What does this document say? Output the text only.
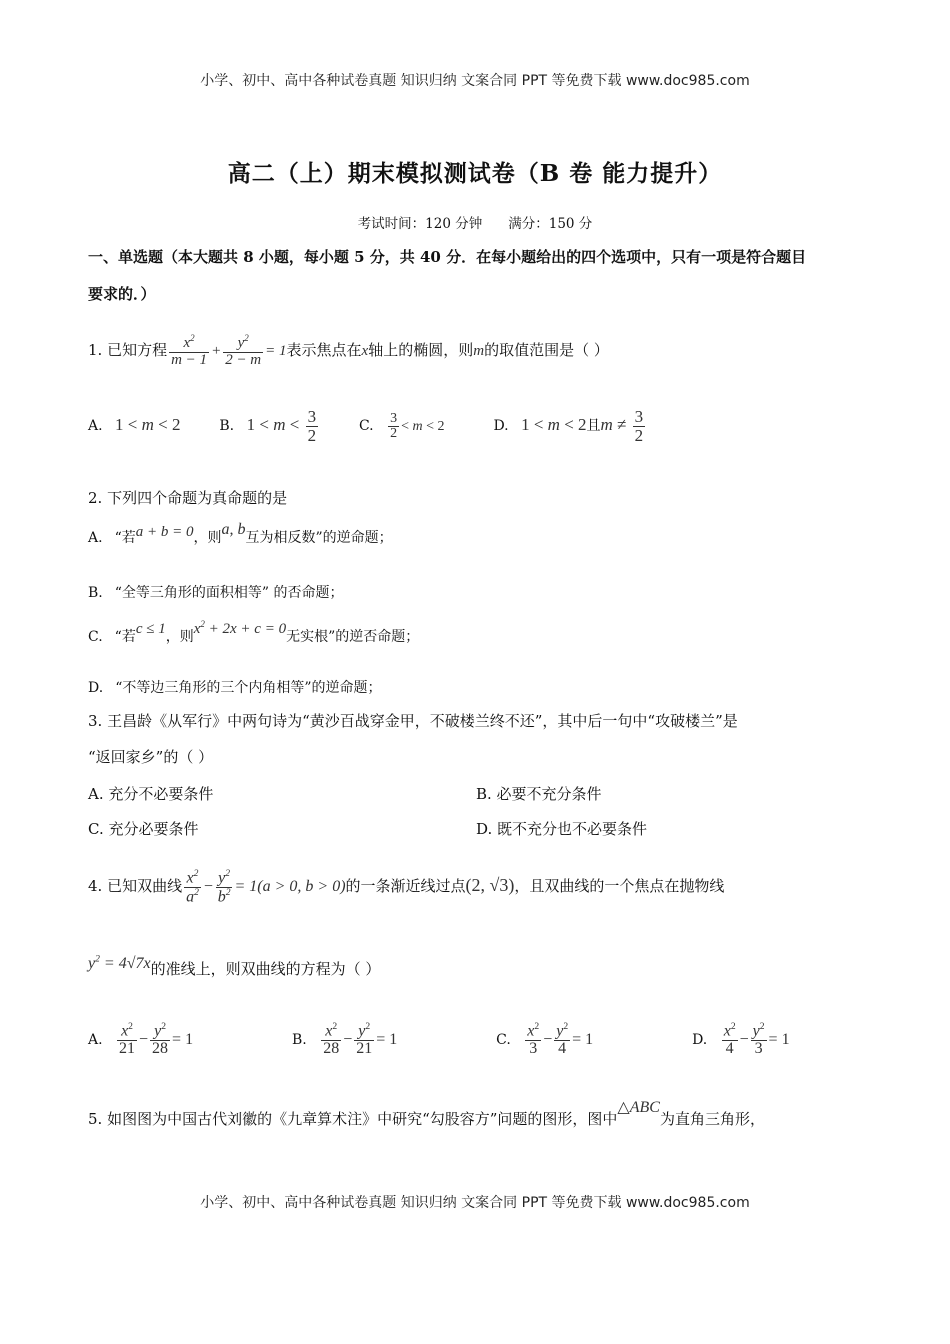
小学、初中、高中各种试卷真题 知识归纳 文案合同 PPT 等免费下载 www.doc985.com
高二（上）期末模拟测试卷（B 卷 能力提升）
考试时间：120 分钟 满分：150 分
一、单选题（本大题共 8 小题，每小题 5 分，共 40 分．在每小题给出的四个选项中，只有一项是符合题目
要求的．）
1. 已知方程 $\frac{x^2}{m - 1} + \frac{y^2}{2 - m} = 1$表示焦点在x轴上的椭圆，则m的取值范围是（ ）
A. 1 < m < 2	B. $1 < m < \frac{3}{2}$	C. $\frac{3}{2} < m < 2$	D. 1 < m < 2且$m \ne \frac{3}{2}$
2. 下列四个命题为真命题的是
A. “若a + b = 0，则a, b互为相反数”的逆命题；
B. “全等三角形的面积相等” 的否命题；
C. “若c ≤ 1，则$x^2 + 2x + c = 0$无实根”的逆否命题；
D. “不等边三角形的三个内角相等”的逆命题；
3. 王昌龄《从军行》中两句诗为“黄沙百战穿金甲，不破楼兰终不还”，其中后一句中“攻破楼兰”是
“返回家乡”的（ ）
A. 充分不必要条件	B. 必要不充分条件
C. 充分必要条件	D. 既不充分也不必要条件
4. 已知双曲线 $\frac{x^2}{a^2} - \frac{y^2}{b^2} = 1(a > 0$, b > 0)的一条渐近线过点(2, √3)，且双曲线的一个焦点在抛物线
$y^2 = 4√7x$的准线上，则双曲线的方程为（ ）
A. $\frac{x^2}{21} - \frac{y^2}{28} = 1$	B. $\frac{x^2}{28} - \frac{y^2}{21} = 1$	C. $\frac{x^2}{3} - \frac{y^2}{4} = 1$	D. $\frac{x^2}{4} - \frac{y^2}{3} = 1$
5. 如图图为中国古代刘徽的《九章算术注》中研究“勾股容方”问题的图形，图中△ABC为直角三角形，
小学、初中、高中各种试卷真题 知识归纳 文案合同 PPT 等免费下载 www.doc985.com
